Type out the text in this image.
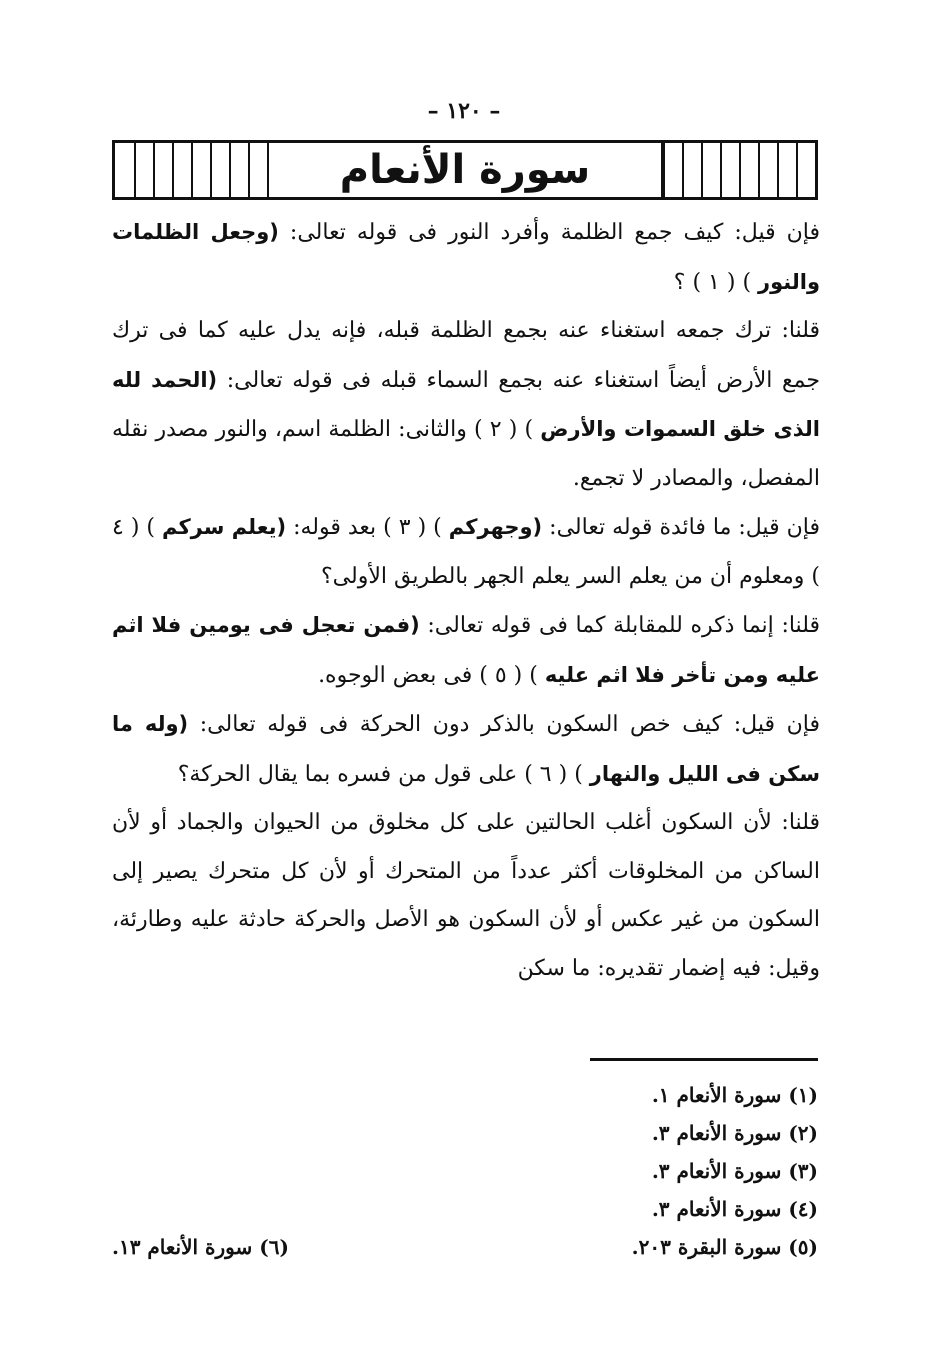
– ١٢٠ –
سورة الأنعام

فإن قيل: كيف جمع الظلمة وأفرد النور فى قوله تعالى: (وجعل الظلمات والنور ) ( ١ ) ؟

قلنا: ترك جمعه استغناء عنه بجمع الظلمة قبله، فإنه يدل عليه كما فى ترك جمع الأرض أيضاً استغناء عنه بجمع السماء قبله فى قوله تعالى: (الحمد لله الذى خلق السموات والأرض ) ( ٢ ) والثانى: الظلمة اسم، والنور مصدر نقله المفصل، والمصادر لا تجمع.

فإن قيل: ما فائدة قوله تعالى: (وجهركم ) ( ٣ ) بعد قوله: (يعلم سركم ) ( ٤ ) ومعلوم أن من يعلم السر يعلم الجهر بالطريق الأولى؟

قلنا: إنما ذكره للمقابلة كما فى قوله تعالى: (فمن تعجل فى يومين فلا اثم عليه ومن تأخر فلا اثم عليه ) ( ٥ ) فى بعض الوجوه.

فإن قيل: كيف خص السكون بالذكر دون الحركة فى قوله تعالى: (وله ما سكن فى الليل والنهار ) ( ٦ ) على قول من فسره بما يقال الحركة؟

قلنا: لأن السكون أغلب الحالتين على كل مخلوق من الحيوان والجماد أو لأن الساكن من المخلوقات أكثر عدداً من المتحرك أو لأن كل متحرك يصير إلى السكون من غير عكس أو لأن السكون هو الأصل والحركة حادثة عليه وطارئة، وقيل: فيه إضمار تقديره: ما سكن

(١) سورة الأنعام ١.
(٢) سورة الأنعام ٣.
(٣) سورة الأنعام ٣.
(٤) سورة الأنعام ٣.
(٥) سورة البقرة ٢٠٣.
(٦) سورة الأنعام ١٣.
